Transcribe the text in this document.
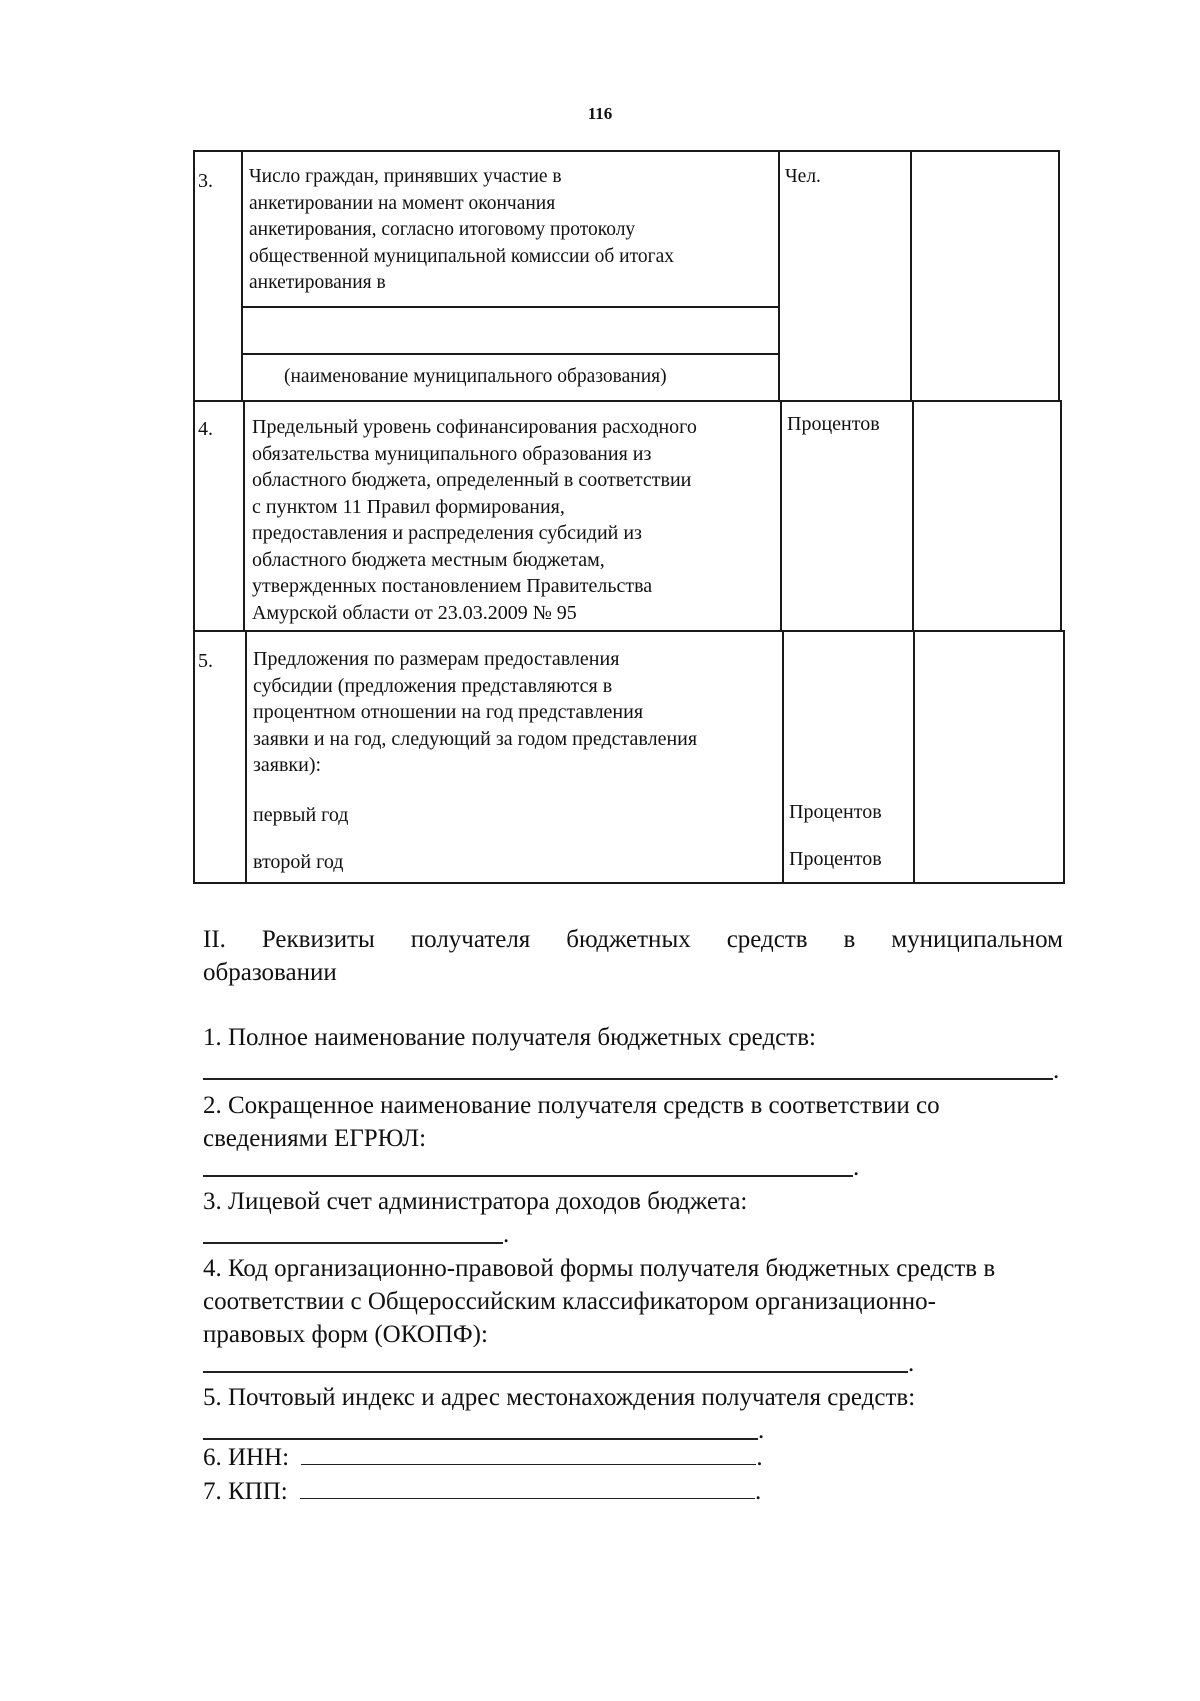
116
3. Число граждан, принявших участие в
анкетировании на момент окончания
анкетирования, согласно итоговому протоколу
общественной муниципальной комиссии об итогах
анкетирования в
(наименование муниципального образования)
Чел.
4. Предельный уровень софинансирования расходного
обязательства муниципального образования из
областного бюджета, определенный в соответствии
с пунктом 11 Правил формирования,
предоставления и распределения субсидий из
областного бюджета местным бюджетам,
утвержденных постановлением Правительства
Амурской области от 23.03.2009 № 95
Процентов
5. Предложения по размерам предоставления
субсидии (предложения представляются в
процентном отношении на год представления
заявки и на год, следующий за годом представления
заявки):
первый год
второй год
Процентов
Процентов
II. Реквизиты получателя бюджетных средств в муниципальном
образовании
1. Полное наименование получателя бюджетных средств:
.
2. Сокращенное наименование получателя средств в соответствии со
сведениями ЕГРЮЛ:
.
3. Лицевой счет администратора доходов бюджета:
.
4. Код организационно-правовой формы получателя бюджетных средств в
соответствии с Общероссийским классификатором организационно-
правовых форм (ОКОПФ):
.
5. Почтовый индекс и адрес местонахождения получателя средств:
.
6. ИНН:	.
7. КПП:	.
